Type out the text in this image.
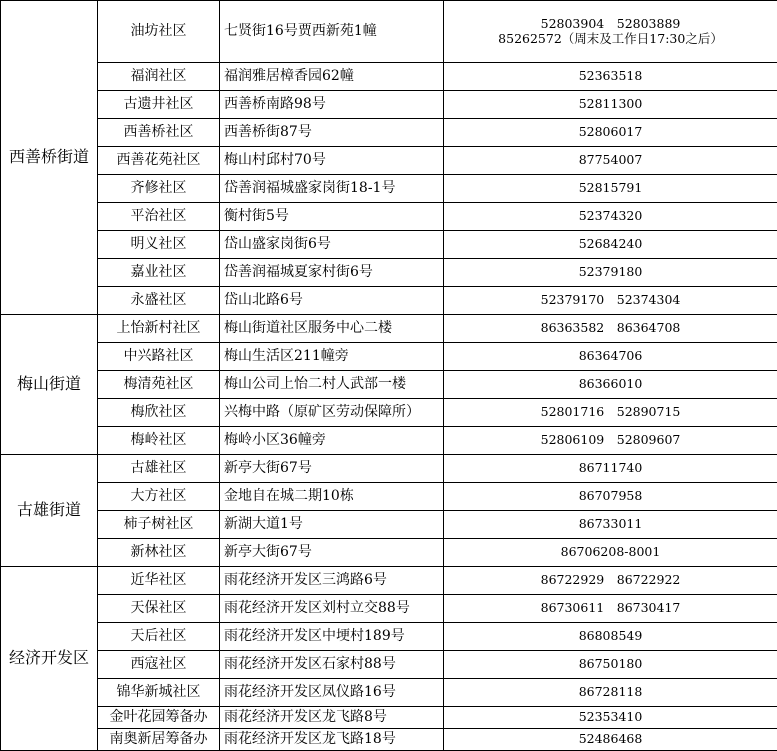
西善桥街道	油坊社区	七贤街16号贾西新苑1幢	52803904　52803889
85262572（周末及工作日17:30之后）

	福润社区	福润雅居樟香园62幢	52363518

	古遗井社区	西善桥南路98号	52811300

	西善桥社区	西善桥街87号	52806017

	西善花苑社区	梅山村邱村70号	87754007

	齐修社区	岱善润福城盛家岗街18-1号	52815791

	平治社区	衡村街5号	52374320

	明义社区	岱山盛家岗街6号	52684240

	嘉业社区	岱善润福城夏家村街6号	52379180

	永盛社区	岱山北路6号	52379170　52374304

梅山街道	上怡新村社区	梅山街道社区服务中心二楼	86363582　86364708

	中兴路社区	梅山生活区211幢旁	86364706

	梅清苑社区	梅山公司上怡二村人武部一楼	86366010

	梅欣社区	兴梅中路（原矿区劳动保障所）	52801716　52890715

	梅岭社区	梅岭小区36幢旁	52806109　52809607

古雄街道	古雄社区	新亭大街67号	86711740

	大方社区	金地自在城二期10栋	86707958

	柿子树社区	新湖大道1号	86733011

	新林社区	新亭大街67号	86706208-8001

经济开发区	近华社区	雨花经济开发区三鸿路6号	86722929　86722922

	天保社区	雨花经济开发区刘村立交88号	86730611　86730417

	天后社区	雨花经济开发区中埂村189号	86808549

	西寇社区	雨花经济开发区石家村88号	86750180

	锦华新城社区	雨花经济开发区凤仪路16号	86728118

	金叶花园筹备办	雨花经济开发区龙飞路8号	52353410

	南奥新居筹备办	雨花经济开发区龙飞路18号	52486468
